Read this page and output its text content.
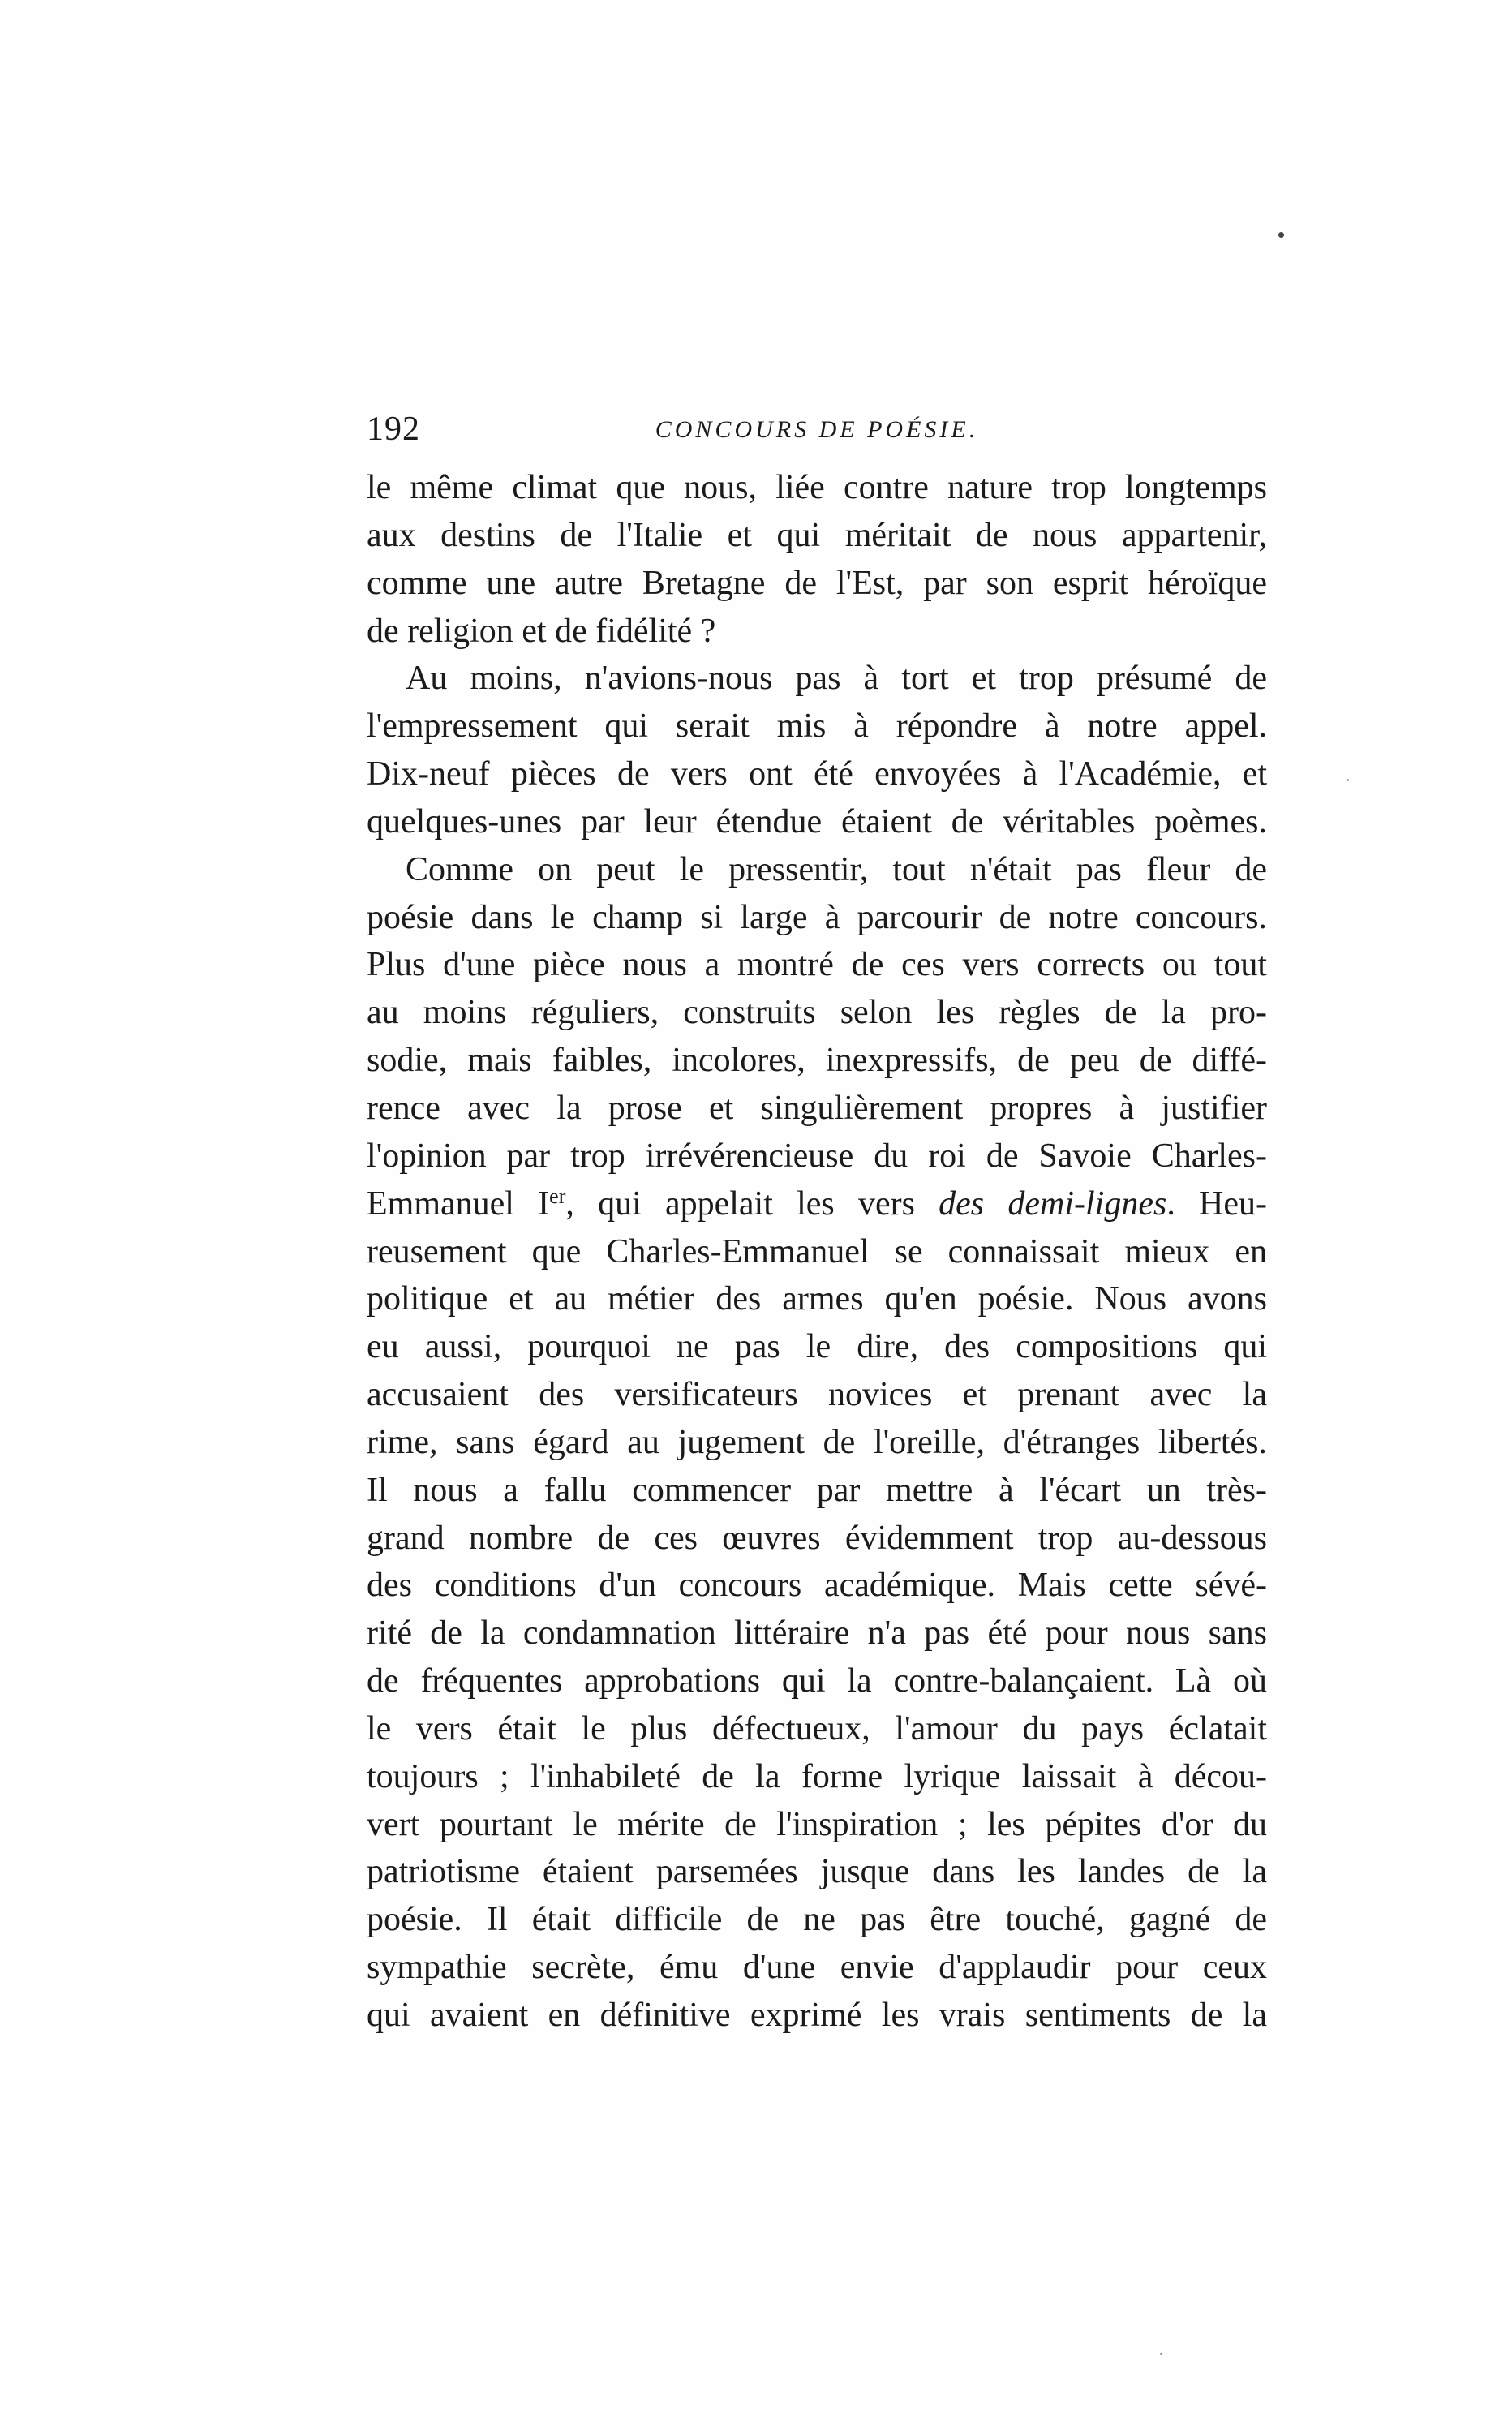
192	CONCOURS DE POÉSIE.
le même climat que nous, liée contre nature trop longtemps
aux destins de l'Italie et qui méritait de nous appartenir,
comme une autre Bretagne de l'Est, par son esprit héroïque
de religion et de fidélité ?
Au moins, n'avions-nous pas à tort et trop présumé de
l'empressement qui serait mis à répondre à notre appel.
Dix-neuf pièces de vers ont été envoyées à l'Académie, et
quelques-unes par leur étendue étaient de véritables poèmes.
Comme on peut le pressentir, tout n'était pas fleur de
poésie dans le champ si large à parcourir de notre concours.
Plus d'une pièce nous a montré de ces vers corrects ou tout
au moins réguliers, construits selon les règles de la pro-
sodie, mais faibles, incolores, inexpressifs, de peu de diffé-
rence avec la prose et singulièrement propres à justifier
l'opinion par trop irrévérencieuse du roi de Savoie Charles-
Emmanuel Ier, qui appelait les vers des demi-lignes. Heu-
reusement que Charles-Emmanuel se connaissait mieux en
politique et au métier des armes qu'en poésie. Nous avons
eu aussi, pourquoi ne pas le dire, des compositions qui
accusaient des versificateurs novices et prenant avec la
rime, sans égard au jugement de l'oreille, d'étranges libertés.
Il nous a fallu commencer par mettre à l'écart un très-
grand nombre de ces œuvres évidemment trop au-dessous
des conditions d'un concours académique. Mais cette sévé-
rité de la condamnation littéraire n'a pas été pour nous sans
de fréquentes approbations qui la contre-balançaient. Là où
le vers était le plus défectueux, l'amour du pays éclatait
toujours ; l'inhabileté de la forme lyrique laissait à décou-
vert pourtant le mérite de l'inspiration ; les pépites d'or du
patriotisme étaient parsemées jusque dans les landes de la
poésie. Il était difficile de ne pas être touché, gagné de
sympathie secrète, ému d'une envie d'applaudir pour ceux
qui avaient en définitive exprimé les vrais sentiments de la
